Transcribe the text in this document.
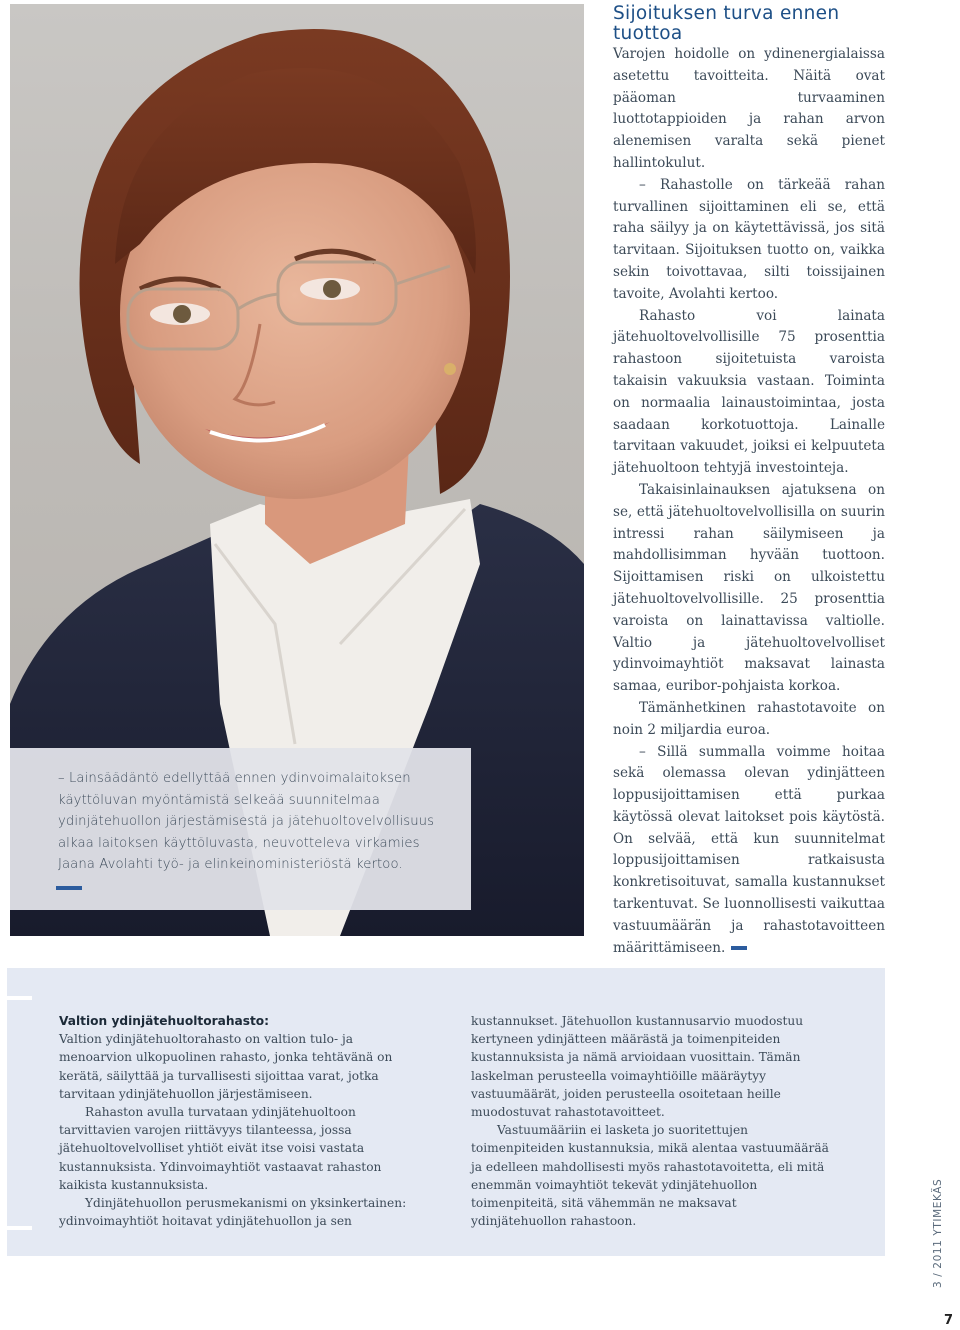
– Lainsäädäntö edellyttää ennen ydinvoimalaitoksen käyttöluvan myöntämistä selkeää suunnitelmaa ydinjätehuollon järjestämisestä ja jätehuoltovelvollisuus alkaa laitoksen käyttöluvasta, neuvotteleva virkamies Jaana Avolahti työ- ja elinkeinoministeriöstä kertoo.
Sijoituksen turva ennen tuottoa

Varojen hoidolle on ydinenergialaissa asetettu tavoitteita. Näitä ovat pääoman turvaaminen luottotappioiden ja rahan arvon alenemisen varalta sekä pienet hallintokulut.

– Rahastolle on tärkeää rahan turvallinen sijoittaminen eli se, että raha säilyy ja on käytettävissä, jos sitä tarvitaan. Sijoituksen tuotto on, vaikka sekin toivottavaa, silti toissijainen tavoite, Avolahti kertoo.

Rahasto voi lainata jätehuoltovelvollisille 75 prosenttia rahastoon sijoitetuista varoista takaisin vakuuksia vastaan. Toiminta on normaalia lainaustoimintaa, josta saadaan korkotuottoja. Lainalle tarvitaan vakuudet, joiksi ei kelpuuteta jätehuoltoon tehtyjä investointeja.

Takaisinlainauksen ajatuksena on se, että jätehuoltovelvollisilla on suurin intressi rahan säilymiseen ja mahdollisimman hyvään tuottoon. Sijoittamisen riski on ulkoistettu jätehuoltovelvollisille. 25 prosenttia varoista on lainattavissa valtiolle. Valtio ja jätehuoltovelvolliset ydinvoimayhtiöt maksavat lainasta samaa, euribor-pohjaista korkoa.

Tämänhetkinen rahastotavoite on noin 2 miljardia euroa.

– Sillä summalla voimme hoitaa sekä olemassa olevan ydinjätteen loppusijoittamisen että purkaa käytössä olevat laitokset pois käytöstä. On selvää, että kun suunnitelmat loppusijoittamisen ratkaisusta konkretisoituvat, samalla kustannukset tarkentuvat. Se luonnollisesti vaikuttaa vastuumäärän ja rahastotavoitteen määrittämiseen.

Valtion ydinjätehuoltorahasto:

Valtion ydinjätehuoltorahasto on valtion tulo- ja menoarvion ulkopuolinen rahasto, jonka tehtävänä on kerätä, säilyttää ja turvallisesti sijoittaa varat, jotka tarvitaan ydinjätehuollon järjestämiseen.

Rahaston avulla turvataan ydinjätehuoltoon tarvittavien varojen riittävyys tilanteessa, jossa jätehuoltovelvolliset yhtiöt eivät itse voisi vastata kustannuksista. Ydinvoimayhtiöt vastaavat rahaston kaikista kustannuksista.

Ydinjätehuollon perusmekanismi on yksinkertainen: ydinvoimayhtiöt hoitavat ydinjätehuollon ja sen

kustannukset. Jätehuollon kustannusarvio muodostuu kertyneen ydinjätteen määrästä ja toimenpiteiden kustannuksista ja nämä arvioidaan vuosittain. Tämän laskelman perusteella voimayhtiöille määräytyy vastuumäärät, joiden perusteella osoitetaan heille muodostuvat rahastotavoitteet.

Vastuumääriin ei lasketa jo suoritettujen toimenpiteiden kustannuksia, mikä alentaa vastuumäärää ja edelleen mahdollisesti myös rahastotavoitetta, eli mitä enemmän voimayhtiöt tekevät ydinjätehuollon toimenpiteitä, sitä vähemmän ne maksavat ydinjätehuollon rahastoon.	3 / 2011 YTIMEKÄS
7
